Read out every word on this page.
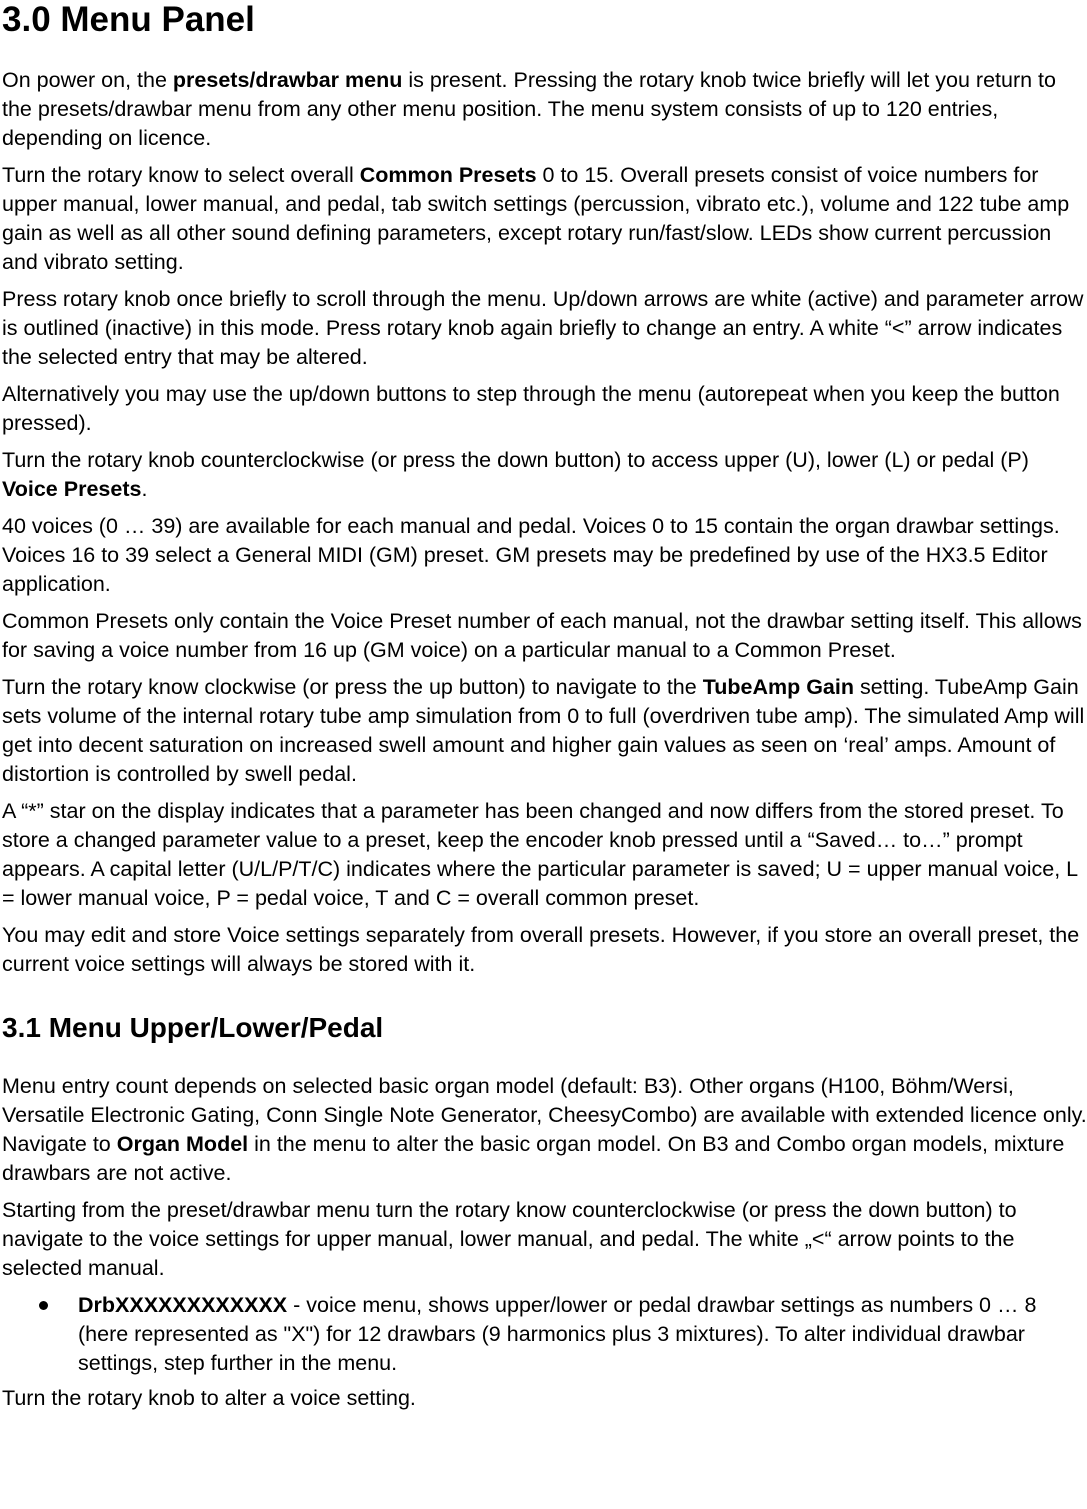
3.0 Menu Panel

On power on, the presets/drawbar menu is present. Pressing the rotary knob twice briefly will let you return to the presets/drawbar menu from any other menu position. The menu system consists of up to 120 entries, depending on licence.

Turn the rotary know to select overall Common Presets 0 to 15. Overall presets consist of voice numbers for upper manual, lower manual, and pedal, tab switch settings (percussion, vibrato etc.), volume and 122 tube amp gain as well as all other sound defining parameters, except rotary run/fast/slow. LEDs show current percussion and vibrato setting.

Press rotary knob once briefly to scroll through the menu. Up/down arrows are white (active) and parameter arrow is outlined (inactive) in this mode. Press rotary knob again briefly to change an entry. A white “<” arrow indicates the selected entry that may be altered.

Alternatively you may use the up/down buttons to step through the menu (autorepeat when you keep the button pressed).

Turn the rotary knob counterclockwise (or press the down button) to access upper (U), lower (L) or pedal (P) Voice Presets.

40 voices (0 … 39) are available for each manual and pedal. Voices 0 to 15 contain the organ drawbar settings. Voices 16 to 39 select a General MIDI (GM) preset. GM presets may be predefined by use of the HX3.5 Editor application.

Common Presets only contain the Voice Preset number of each manual, not the drawbar setting itself. This allows for saving a voice number from 16 up (GM voice) on a particular manual to a Common Preset.

Turn the rotary know clockwise (or press the up button) to navigate to the TubeAmp Gain setting. TubeAmp Gain sets volume of the internal rotary tube amp simulation from 0 to full (overdriven tube amp). The simulated Amp will get into decent saturation on increased swell amount and higher gain values as seen on ‘real’ amps. Amount of distortion is controlled by swell pedal.

A “*” star on the display indicates that a parameter has been changed and now differs from the stored preset. To store a changed parameter value to a preset, keep the encoder knob pressed until a “Saved… to…” prompt appears. A capital letter (U/L/P/T/C) indicates where the particular parameter is saved; U = upper manual voice, L = lower manual voice, P = pedal voice, T and C = overall common preset.

You may edit and store Voice settings separately from overall presets. However, if you store an overall preset, the current voice settings will always be stored with it.

3.1 Menu Upper/Lower/Pedal

Menu entry count depends on selected basic organ model (default: B3). Other organs (H100, Böhm/Wersi, Versatile Electronic Gating, Conn Single Note Generator, CheesyCombo) are available with extended licence only. Navigate to Organ Model in the menu to alter the basic organ model. On B3 and Combo organ models, mixture drawbars are not active.

Starting from the preset/drawbar menu turn the rotary know counterclockwise (or press the down button) to navigate to the voice settings for upper manual, lower manual, and pedal. The white „<“ arrow points to the selected manual.

DrbXXXXXXXXXXXX - voice menu, shows upper/lower or pedal drawbar settings as numbers 0 … 8 (here represented as "X") for 12 drawbars (9 harmonics plus 3 mixtures). To alter individual drawbar settings, step further in the menu.

Turn the rotary knob to alter a voice setting.
